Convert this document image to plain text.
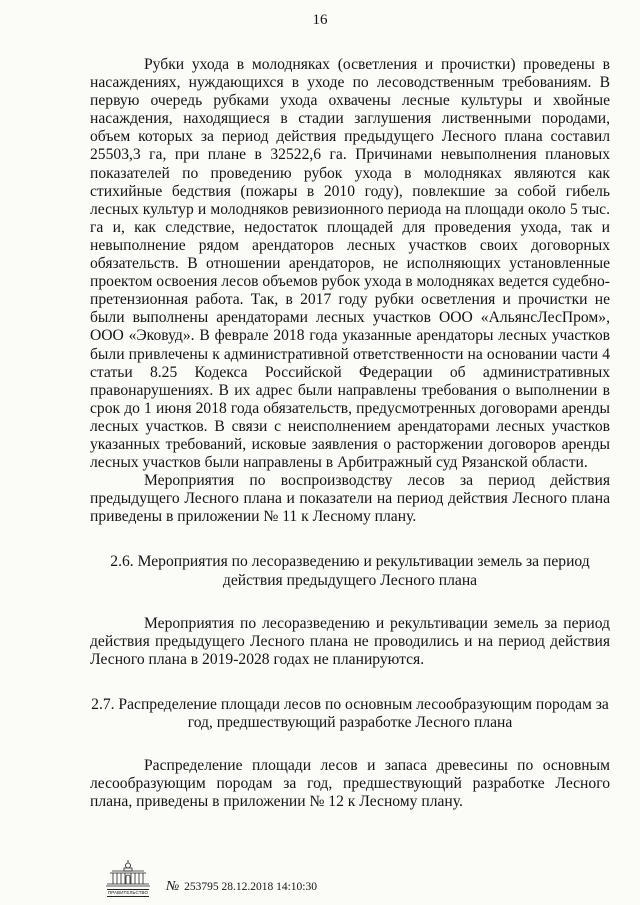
16

Рубки ухода в молодняках (осветления и прочистки) проведены в насаждениях, нуждающихся в уходе по лесоводственным требованиям. В первую очередь рубками ухода охвачены лесные культуры и хвойные насаждения, находящиеся в стадии заглушения лиственными породами, объем которых за период действия предыдущего Лесного плана составил 25503,3 га, при плане в 32522,6 га. Причинами невыполнения плановых показателей по проведению рубок ухода в молодняках являются как стихийные бедствия (пожары в 2010 году), повлекшие за собой гибель лесных культур и молодняков ревизионного периода на площади около 5 тыс. га и, как следствие, недостаток площадей для проведения ухода, так и невыполнение рядом арендаторов лесных участков своих договорных обязательств. В отношении арендаторов, не исполняющих установленные проектом освоения лесов объемов рубок ухода в молодняках ведется судебно-претензионная работа. Так, в 2017 году рубки осветления и прочистки не были выполнены арендаторами лесных участков ООО «АльянсЛесПром», ООО «Эковуд». В феврале 2018 года указанные арендаторы лесных участков были привлечены к административной ответственности на основании части 4 статьи 8.25 Кодекса Российской Федерации об административных правонарушениях. В их адрес были направлены требования о выполнении в срок до 1 июня 2018 года обязательств, предусмотренных договорами аренды лесных участков. В связи с неисполнением арендаторами лесных участков указанных требований, исковые заявления о расторжении договоров аренды лесных участков были направлены в Арбитражный суд Рязанской области.

Мероприятия по воспроизводству лесов за период действия предыдущего Лесного плана и показатели на период действия Лесного плана приведены в приложении № 11 к Лесному плану.

2.6. Мероприятия по лесоразведению и рекультивации земель за период действия предыдущего Лесного плана

Мероприятия по лесоразведению и рекультивации земель за период действия предыдущего Лесного плана не проводились и на период действия Лесного плана в 2019-2028 годах не планируются.

2.7. Распределение площади лесов по основным лесообразующим породам за год, предшествующий разработке Лесного плана

Распределение площади лесов и запаса древесины по основным лесообразующим породам за год, предшествующий разработке Лесного плана, приведены в приложении № 12 к Лесному плану.

ПРАВИТЕЛЬСТВО № 253795 28.12.2018 14:10:30
